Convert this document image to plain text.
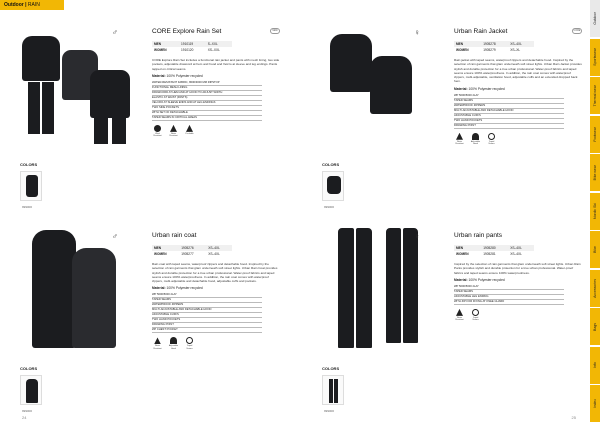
Outdoor | RAIN
♂
COLORS
999000
CORE Explore Rain Set	NEW
MEN	1910119	S–XXL
WOMEN	1910120	XS–XXL

CORE Explore Rain Set includes a functional rain jacket and pants with mesh lining, two side pockets, adjustable drawcord at hem and hood and Velcro at sleeve and leg endings. Pants tapped on critical seams.

Material: 100% Polyester recycled

WATER-RESISTANT FABRIC, 8000/3000 MM RIPSTOP
FUNCTIONAL MESH LINING
DRAWCORD AT HEM AND AT HOOD TO ADJUST WIDTH
ELASTIC AT WAIST (PANTS)
VELCRO AT SLEEVE ENDS AND AT LEG ENDINGS
TWO SIDE POCKETS
WITH SET OF DETACHABLE
TAPED SEAMS IN CRITICAL AREAS
Wind Resistant
Water Resistant
Packable
♀
COLORS
999000
Urban Rain Jacket	CORE
MEN	1905278	XS–4XL
WOMEN	1905279	XS–XL

Rain jacket with taped seams, waterproof zippers and detachable hood. Inspired by the selection of rain garments that glam underneath soft street lights. Urban Rain Jacket provides stylish and durable protection for a true urban professional. Water-proof fabrics and taped seams ensure 100% waterproofness. In addition, the rain coat comes with waterproof zippers, multi-adjustable, ventilation hood, adjustable cuffs and an extended dropped back hem.

Material: 100% Polyester recycled

WP 5000/5000 2LAY
TAPED SEAMS
WATERPROOF ZIPPERS
MULTI-ADJUSTABLE AND DETACHABLE HOOD
ADJUSTABLE CUFFS
TWO HAND POCKETS
DRAWING POINT
Water Resistant
Adjustable Hood
Taped Seams
♂
COLORS
999000
Urban rain coat
MEN	1905276	XS–4XL
WOMEN	1905277	XS–4XL

Rain coat with taped seams, waterproof zippers and detachable hood. Inspired by the selection of rain garments that glam underneath soft street lights. Urban Rain Coat provides stylish and durable protection for a true urban professional. Water-proof fabrics and taped seams ensure 100% waterproofness. In addition, the rain coat comes with waterproof zippers, multi-adjustable and detachable hood, adjustable cuffs and pockets.

Material: 100% Polyester recycled

WP 5000/5000 2LAY
TAPED SEAMS
WATERPROOF ZIPPERS
MULTI-ADJUSTABLE AND DETACHABLE HOOD
ADJUSTABLE CUFFS
TWO HAND POCKETS
DRAWING POINT
ZIP CHEST POCKET
Water Resistant
Adjustable Hood
Taped Seams
♀
COLORS
999000
Urban rain pants
MEN	1905280	XS–4XL
WOMEN	1905281	XS–4XL

Inspired by the selection of rain garments that glam underneath soft street lights. Urban Rain Pants provides stylish and durable protection for a true urban professional. Water-proof fabrics and taped seams ensure 100% waterproofness.

Material: 100% Polyester recycled

WP 5000/5000 2LAY
TAPED SEAMS
ADJUSTABLE LEG ENDING
WITH ZIP FOR FIXING AT KNEE GUARD
Water Resistant
Taped Seams
24	25
Outdoor
Sportswear
Thermal wear
Footwear
Bike wear
Nordic Ski
Bike
Accessories
Bags
Info
Index
